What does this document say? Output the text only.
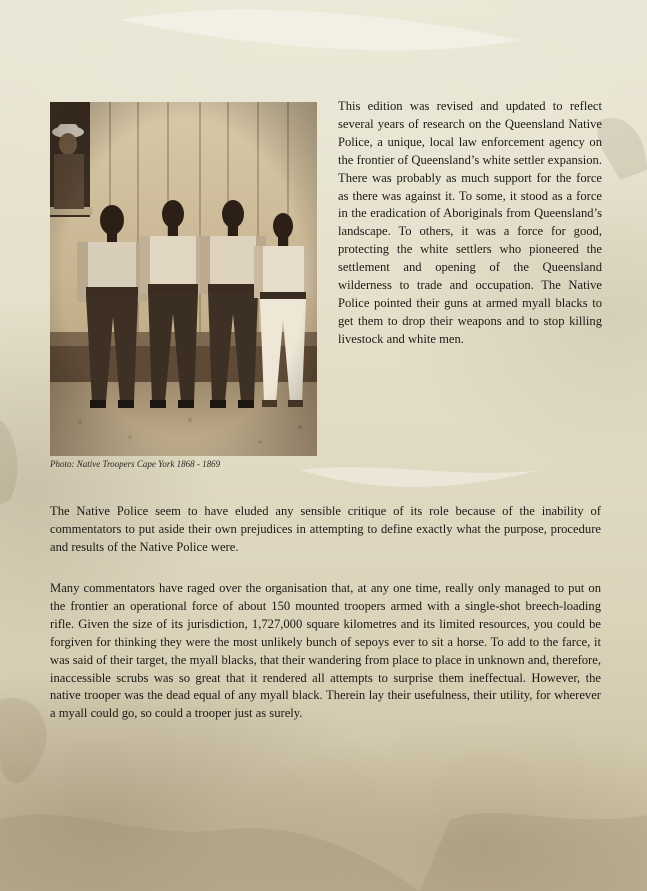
Photo: Native Troopers Cape York 1868 - 1869

This edition was revised and updated to reflect several years of research on the Queensland Native Police, a unique, local law enforcement agency on the frontier of Queensland’s white settler expansion. There was probably as much support for the force as there was against it. To some, it stood as a force in the eradication of Aboriginals from Queensland’s landscape. To others, it was a force for good, protecting the white settlers who pioneered the settlement and opening of the Queensland wilderness to trade and occupation. The Native Police pointed their guns at armed myall blacks to get them to drop their weapons and to stop killing livestock and white men.

The Native Police seem to have eluded any sensible critique of its role because of the inability of commentators to put aside their own prejudices in attempting to define exactly what the purpose, procedure and results of the Native Police were.

Many commentators have raged over the organisation that, at any one time, really only managed to put on the frontier an operational force of about 150 mounted troopers armed with a single-shot breech-loading rifle. Given the size of its jurisdiction, 1,727,000 square kilometres and its limited resources, you could be forgiven for thinking they were the most unlikely bunch of sepoys ever to sit a horse. To add to the farce, it was said of their target, the myall blacks, that their wandering from place to place in unknown and, therefore, inaccessible scrubs was so great that it rendered all attempts to surprise them ineffectual. However, the native trooper was the dead equal of any myall black. Therein lay their usefulness, their utility, for wherever a myall could go, so could a trooper just as surely.
